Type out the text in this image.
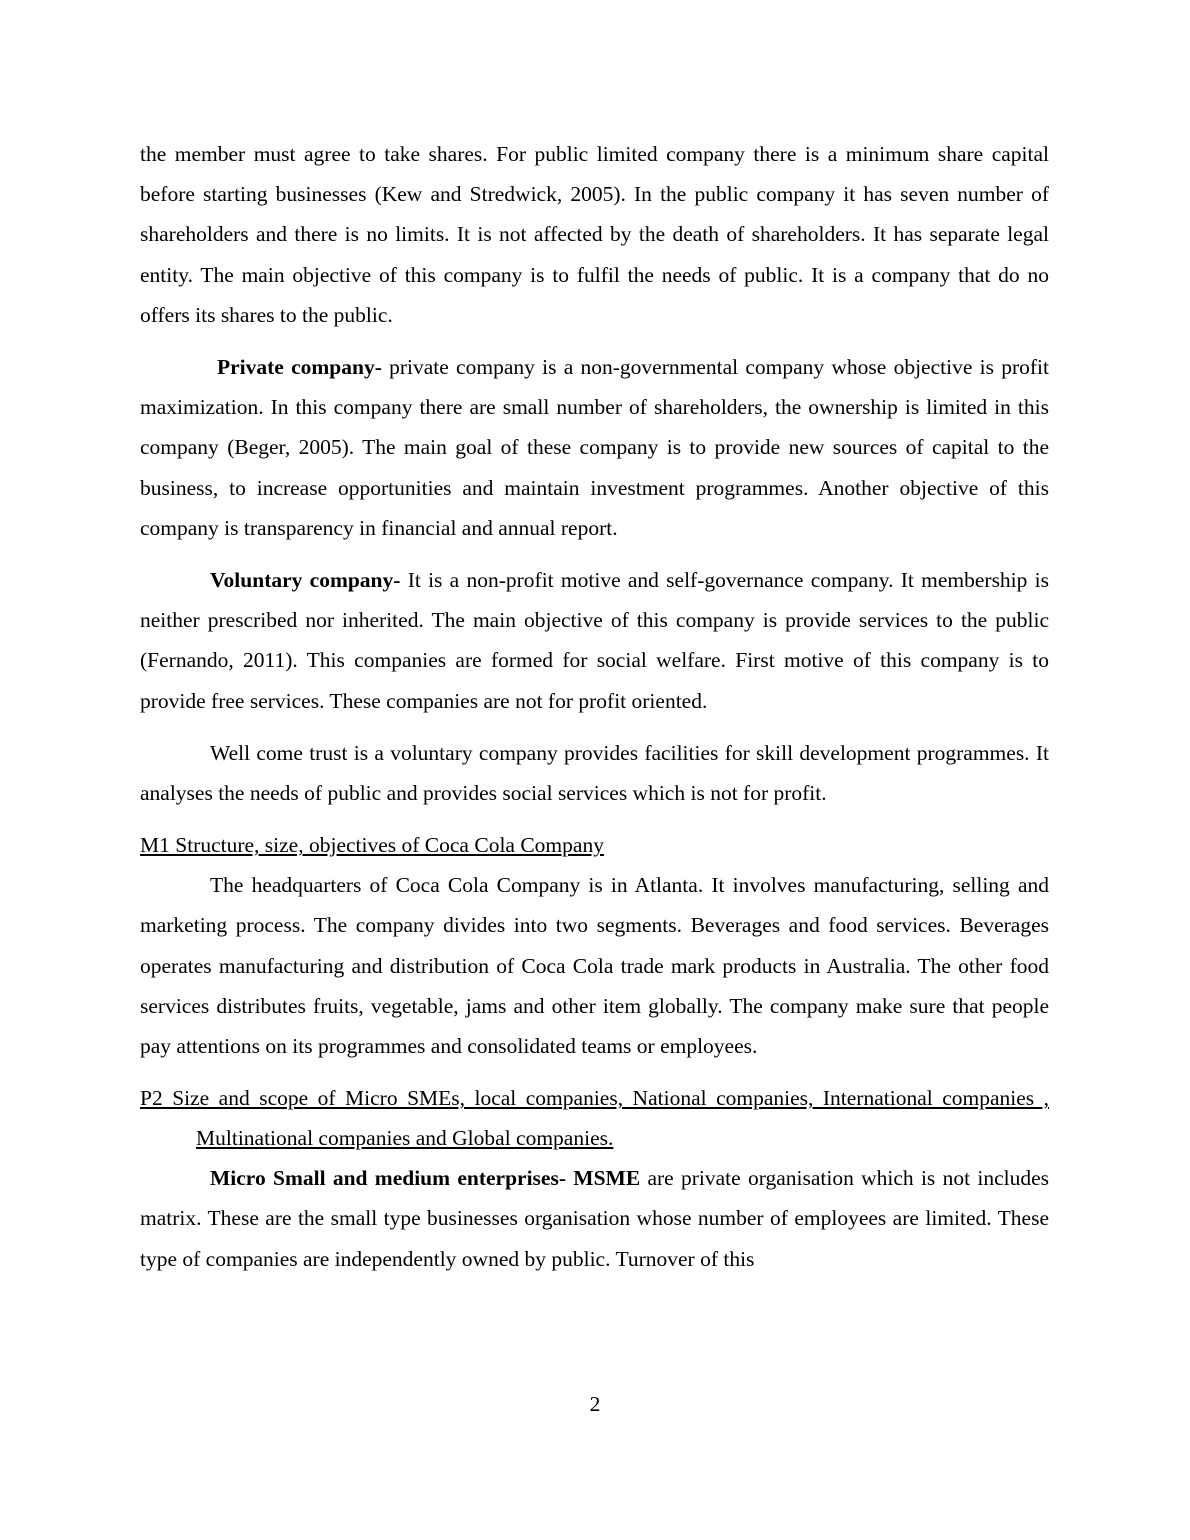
the member must agree to take shares. For public limited company there is a minimum share capital before starting businesses (Kew and Stredwick, 2005). In the public company it has seven number of shareholders and there is no limits. It is not affected by the death of shareholders. It has separate legal entity. The main objective of this company is to fulfil the needs of public. It is a company that do no offers its shares to the public.

Private company- private company is a non-governmental company whose objective is profit maximization. In this company there are small number of shareholders, the ownership is limited in this company (Beger, 2005). The main goal of these company is to provide new sources of capital to the business, to increase opportunities and maintain investment programmes. Another objective of this company is transparency in financial and annual report.

Voluntary company- It is a non-profit motive and self-governance company. It membership is neither prescribed nor inherited. The main objective of this company is provide services to the public (Fernando, 2011). This companies are formed for social welfare. First motive of this company is to provide free services. These companies are not for profit oriented.

Well come trust is a voluntary company provides facilities for skill development programmes. It analyses the needs of public and provides social services which is not for profit.

M1 Structure, size, objectives of Coca Cola Company

The headquarters of Coca Cola Company is in Atlanta. It involves manufacturing, selling and marketing process. The company divides into two segments. Beverages and food services. Beverages operates manufacturing and distribution of Coca Cola trade mark products in Australia. The other food services distributes fruits, vegetable, jams and other item globally. The company make sure that people pay attentions on its programmes and consolidated teams or employees.

P2 Size and scope of Micro SMEs, local companies, National companies, International companies , Multinational companies and Global companies.

Micro Small and medium enterprises- MSME are private organisation which is not includes matrix. These are the small type businesses organisation whose number of employees are limited. These type of companies are independently owned by public. Turnover of this

2
